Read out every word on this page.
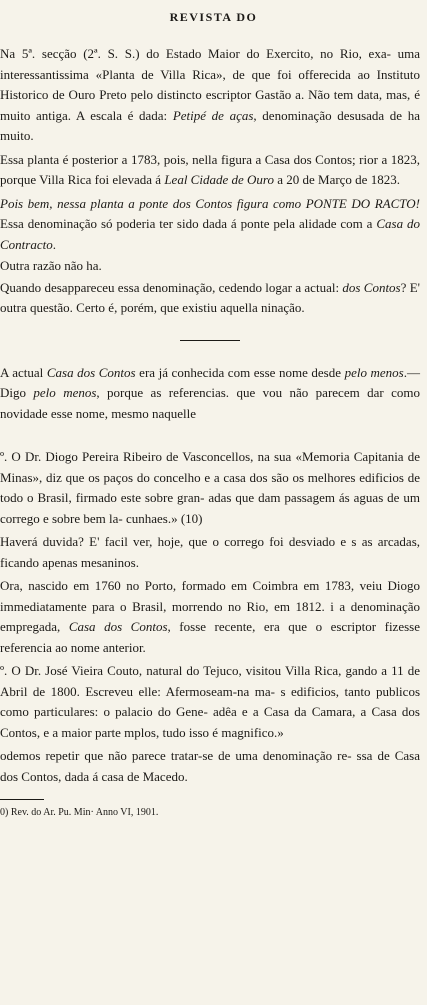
REVISTA DO

Na 5ª. secção (2ª. S. S.) do Estado Maior do Exercito, no Rio, exa- uma interessantissima «Planta de Villa Rica», de que foi offerecida ao Instituto Historico de Ouro Preto pelo distincto escriptor Gastão a. Não tem data, mas, é muito antiga. A escala é dada: Petipé de aças, denominação desusada de ha muito.

Essa planta é posterior a 1783, pois, nella figura a Casa dos Contos; rior a 1823, porque Villa Rica foi elevada á Leal Cidade de Ouro a 20 de Março de 1823.

Pois bem, nessa planta a ponte dos Contos figura como PONTE DO RACTO! Essa denominação só poderia ter sido dada á ponte pela alidade com a Casa do Contracto.

Outra razão não ha.

Quando desappareceu essa denominação, cedendo logar a actual: dos Contos? E' outra questão. Certo é, porém, que existiu aquella ninação.

A actual Casa dos Contos era já conhecida com esse nome desde pelo menos.—Digo pelo menos, porque as referencias. que vou não parecem dar como novidade esse nome, mesmo naquelle

º. O Dr. Diogo Pereira Ribeiro de Vasconcellos, na sua «Memoria Capitania de Minas», diz que os paços do concelho e a casa dos são os melhores edificios de todo o Brasil, firmado este sobre gran- adas que dam passagem ás aguas de um corrego e sobre bem la- cunhaes.» (10)

Haverá duvida? E' facil ver, hoje, que o corrego foi desviado e s as arcadas, ficando apenas mesaninos.

Ora, nascido em 1760 no Porto, formado em Coimbra em 1783, veiu Diogo immediatamente para o Brasil, morrendo no Rio, em 1812. i a denominação empregada, Casa dos Contos, fosse recente, era que o escriptor fizesse referencia ao nome anterior.

º. O Dr. José Vieira Couto, natural do Tejuco, visitou Villa Rica, gando a 11 de Abril de 1800. Escreveu elle: Afermoseam-na ma- s edificios, tanto publicos como particulares: o palacio do Gene- adêa e a Casa da Camara, a Casa dos Contos, e a maior parte mplos, tudo isso é magnifico.»

odemos repetir que não parece tratar-se de uma denominação re- ssa de Casa dos Contos, dada á casa de Macedo.

0) Rev. do Ar. Pu. Min· Anno VI, 1901.
